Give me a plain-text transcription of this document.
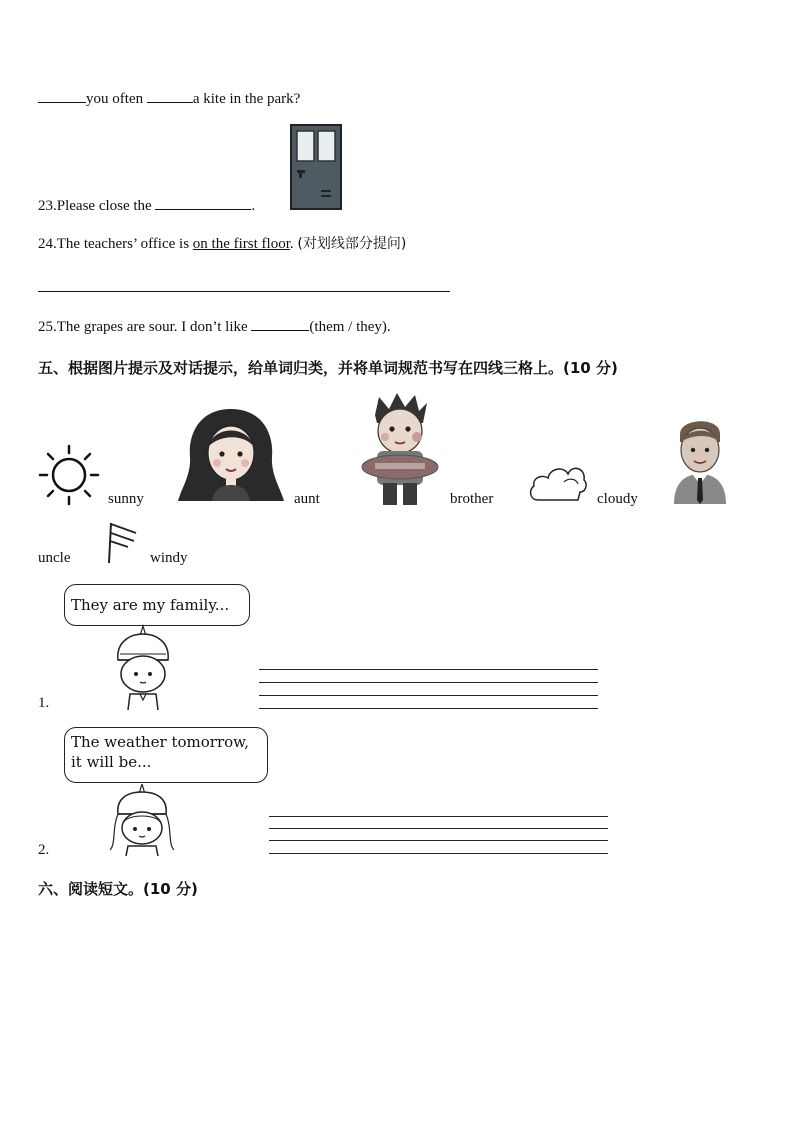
you often	a kite in the park?
23.Please close the	.
24.The teachers’ office is on the first floor. (对划线部分提问)
25.The grapes are sour. I don’t like	(them / they).
五、根据图片提示及对话提示，给单词归类，并将单词规范书写在四线三格上。(10 分)
sunny	aunt	brother	cloudy
uncle	windy
They are my family...
1.
The weather tomorrow,
it will be...
2.
六、阅读短文。(10 分)
